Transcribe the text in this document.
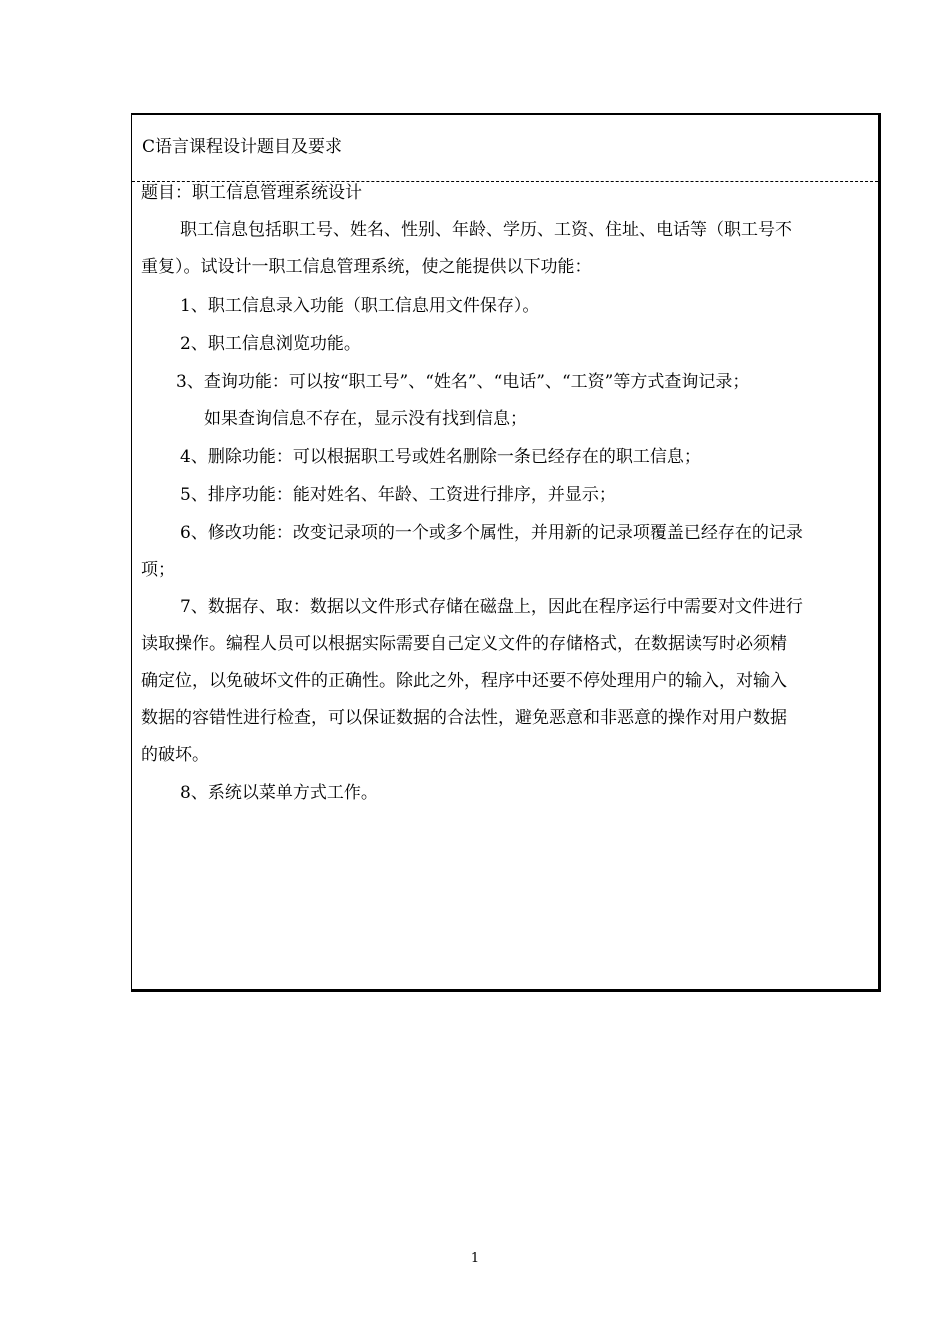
C语言课程设计题目及要求

题目：职工信息管理系统设计

职工信息包括职工号、姓名、性别、年龄、学历、工资、住址、电话等（职工号不

重复）。试设计一职工信息管理系统，使之能提供以下功能：

1、职工信息录入功能（职工信息用文件保存）。

2、职工信息浏览功能。

3、查询功能：可以按“职工号”、“姓名”、“电话”、“工资”等方式查询记录；

如果查询信息不存在，显示没有找到信息；

4、删除功能：可以根据职工号或姓名删除一条已经存在的职工信息；

5、排序功能：能对姓名、年龄、工资进行排序，并显示；

6、修改功能：改变记录项的一个或多个属性，并用新的记录项覆盖已经存在的记录

项；

7、数据存、取：数据以文件形式存储在磁盘上，因此在程序运行中需要对文件进行

读取操作。编程人员可以根据实际需要自己定义文件的存储格式，在数据读写时必须精

确定位，以免破坏文件的正确性。除此之外，程序中还要不停处理用户的输入，对输入

数据的容错性进行检查，可以保证数据的合法性，避免恶意和非恶意的操作对用户数据

的破坏。

8、系统以菜单方式工作。

1
